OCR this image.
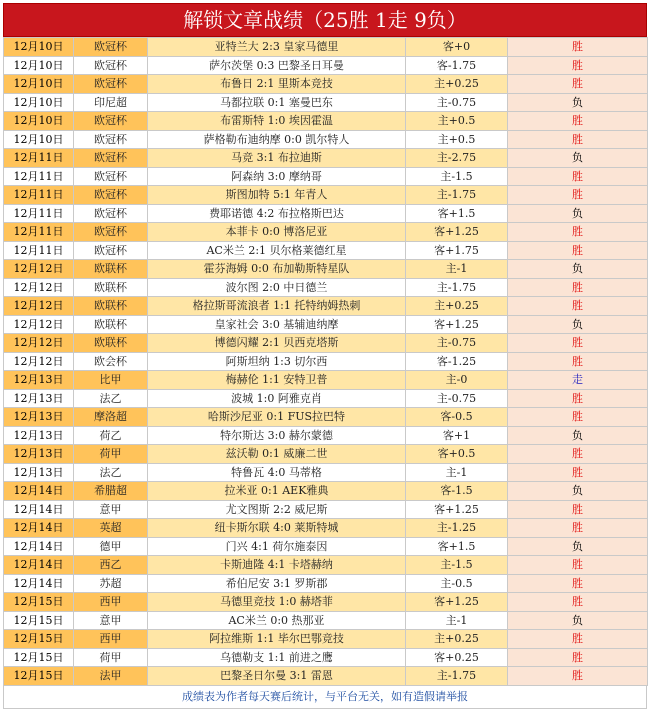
解锁文章战绩（25胜 1走 9负）
12月10日	欧冠杯	亚特兰大 2:3 皇家马德里	客+0	胜
12月10日	欧冠杯	萨尔茨堡 0:3 巴黎圣日耳曼	客-1.75	胜
12月10日	欧冠杯	布鲁日 2:1 里斯本竞技	主+0.25	胜
12月10日	印尼超	马都拉联 0:1 塞曼巴东	主-0.75	负
12月10日	欧冠杯	布雷斯特 1:0 埃因霍温	主+0.5	胜
12月10日	欧冠杯	萨格勒布迪纳摩 0:0 凯尔特人	主+0.5	胜
12月11日	欧冠杯	马竞 3:1 布拉迪斯	主-2.75	负
12月11日	欧冠杯	阿森纳 3:0 摩纳哥	主-1.5	胜
12月11日	欧冠杯	斯图加特 5:1 年青人	主-1.75	胜
12月11日	欧冠杯	费耶诺德 4:2 布拉格斯巴达	客+1.5	负
12月11日	欧冠杯	本菲卡 0:0 博洛尼亚	客+1.25	胜
12月11日	欧冠杯	AC米兰 2:1 贝尔格莱德红星	客+1.75	胜
12月12日	欧联杯	霍芬海姆 0:0 布加勒斯特星队	主-1	负
12月12日	欧联杯	波尔图 2:0 中日德兰	主-1.75	胜
12月12日	欧联杯	格拉斯哥流浪者 1:1 托特纳姆热刺	主+0.25	胜
12月12日	欧联杯	皇家社会 3:0 基辅迪纳摩	客+1.25	负
12月12日	欧联杯	博德闪耀 2:1 贝西克塔斯	主-0.75	胜
12月12日	欧会杯	阿斯坦纳 1:3 切尔西	客-1.25	胜
12月13日	比甲	梅赫伦 1:1 安特卫普	主-0	走
12月13日	法乙	波城 1:0 阿雅克肖	主-0.75	胜
12月13日	摩洛超	哈斯沙尼亚 0:1 FUS拉巴特	客-0.5	胜
12月13日	荷乙	特尔斯达 3:0 赫尔蒙德	客+1	负
12月13日	荷甲	兹沃勒 0:1 威廉二世	客+0.5	胜
12月13日	法乙	特鲁瓦 4:0 马蒂格	主-1	胜
12月14日	希腊超	拉米亚 0:1 AEK雅典	客-1.5	负
12月14日	意甲	尤文图斯 2:2 威尼斯	客+1.25	胜
12月14日	英超	纽卡斯尔联 4:0 莱斯特城	主-1.25	胜
12月14日	德甲	门兴 4:1 荷尔施泰因	客+1.5	负
12月14日	西乙	卡斯迪隆 4:1 卡塔赫纳	主-1.5	胜
12月14日	苏超	希伯尼安 3:1 罗斯郡	主-0.5	胜
12月15日	西甲	马德里竞技 1:0 赫塔菲	客+1.25	胜
12月15日	意甲	AC米兰 0:0 热那亚	主-1	负
12月15日	西甲	阿拉维斯 1:1 毕尔巴鄂竞技	主+0.25	胜
12月15日	荷甲	乌德勒支 1:1 前进之鹰	客+0.25	胜
12月15日	法甲	巴黎圣日尔曼 3:1 雷恩	主-1.75	胜
成绩表为作者每天赛后统计，与平台无关，如有造假请举报
